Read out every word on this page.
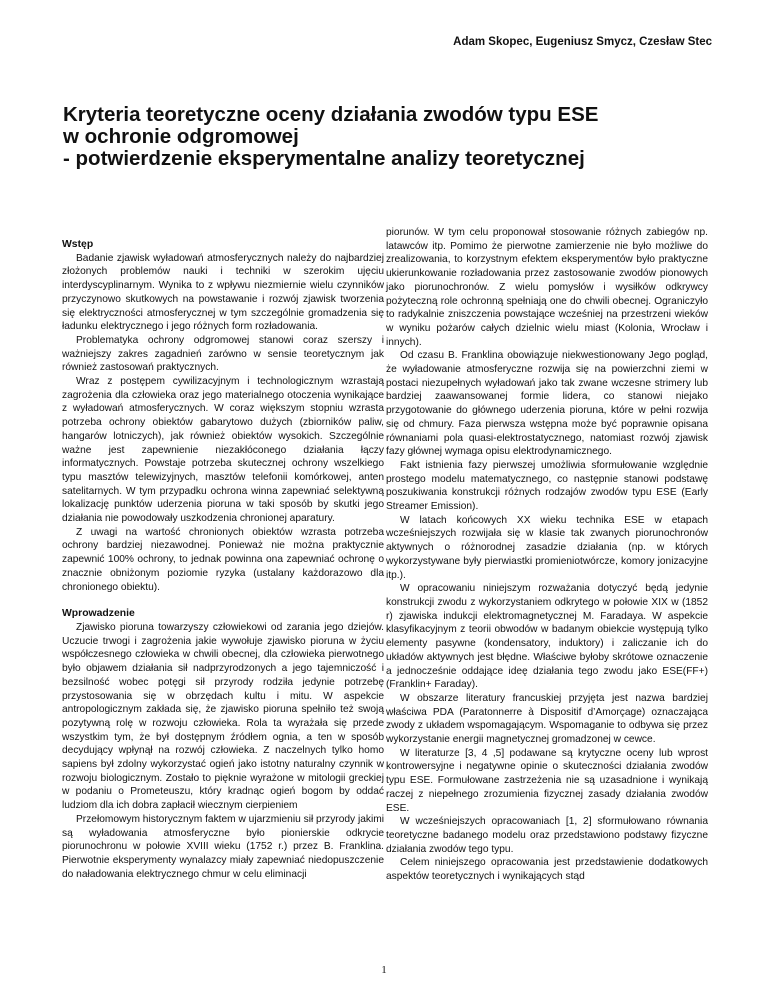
Adam Skopec, Eugeniusz Smycz, Czesław Stec
Kryteria teoretyczne oceny działania zwodów typu ESE
w ochronie odgromowej
- potwierdzenie eksperymentalne analizy teoretycznej
Wstęp

Badanie zjawisk wyładowań atmosferycznych należy do najbardziej złożonych problemów nauki i techniki w szerokim ujęciu interdyscyplinarnym. Wynika to z wpływu niezmiernie wielu czynników przyczynowo skutkowych na powstawanie i rozwój zjawisk tworzenia się elektryczności atmosferycznej w tym szczególnie gromadzenia się ładunku elektrycznego i jego różnych form rozładowania.

Problematyka ochrony odgromowej stanowi coraz szerszy i ważniejszy zakres zagadnień zarówno w sensie teoretycznym jak również zastosowań praktycznych.

Wraz z postępem cywilizacyjnym i technologicznym wzrastają zagrożenia dla człowieka oraz jego materialnego otoczenia wynikające z wyładowań atmosferycznych. W coraz większym stopniu wzrasta potrzeba ochrony obiektów gabarytowo dużych (zbiorników paliw, hangarów lotniczych), jak również obiektów wysokich. Szczególnie ważne jest zapewnienie niezakłóconego działania łączy informatycznych. Powstaje potrzeba skutecznej ochrony wszelkiego typu masztów telewizyjnych, masztów telefonii komórkowej, anten satelitarnych. W tym przypadku ochrona winna zapewniać selektywną lokalizację punktów uderzenia pioruna w taki sposób by skutki jego działania nie powodowały uszkodzenia chronionej aparatury.

Z uwagi na wartość chronionych obiektów wzrasta potrzeba ochrony bardziej niezawodnej. Ponieważ nie można praktycznie zapewnić 100% ochrony, to jednak powinna ona zapewniać ochronę o znacznie obniżonym poziomie ryzyka (ustalany każdorazowo dla chronionego obiektu).

Wprowadzenie

Zjawisko pioruna towarzyszy człowiekowi od zarania jego dziejów. Uczucie trwogi i zagrożenia jakie wywołuje zjawisko pioruna w życiu współczesnego człowieka w chwili obecnej, dla człowieka pierwotnego było objawem działania sił nadprzyrodzonych a jego tajemniczość i bezsilność wobec potęgi sił przyrody rodziła jedynie potrzebę przystosowania się w obrzędach kultu i mitu. W aspekcie antropologicznym zakłada się, że zjawisko pioruna spełniło też swoją pozytywną rolę w rozwoju człowieka. Rola ta wyrażała się przede wszystkim tym, że był dostępnym źródłem ognia, a ten w sposób decydujący wpłynął na rozwój człowieka. Z naczelnych tylko homo sapiens był zdolny wykorzystać ogień jako istotny naturalny czynnik w rozwoju biologicznym. Zostało to pięknie wyrażone w mitologii greckiej w podaniu o Prometeuszu, który kradnąc ogień bogom by oddać ludziom dla ich dobra zapłacił wiecznym cierpieniem

Przełomowym historycznym faktem w ujarzmieniu sił przyrody jakimi są wyładowania atmosferyczne było pionierskie odkrycie piorunochronu w połowie XVIII wieku (1752 r.) przez B. Franklina. Pierwotnie eksperymenty wynalazcy miały zapewniać niedopuszczenie do naładowania elektrycznego chmur w celu eliminacji

piorunów. W tym celu proponował stosowanie różnych zabiegów np. latawców itp. Pomimo że pierwotne zamierzenie nie było możliwe do zrealizowania, to korzystnym efektem eksperymentów było praktyczne ukierunkowanie rozładowania przez zastosowanie zwodów pionowych jako piorunochronów. Z wielu pomysłów i wysiłków odkrywcy pożyteczną role ochronną spełniają one do chwili obecnej. Ograniczyło to radykalnie zniszczenia powstające wcześniej na przestrzeni wieków w wyniku pożarów całych dzielnic wielu miast (Kolonia, Wrocław i innych).

Od czasu B. Franklina obowiązuje niekwestionowany Jego pogląd, że wyładowanie atmosferyczne rozwija się na powierzchni ziemi w postaci niezupełnych wyładowań jako tak zwane wczesne strimery lub bardziej zaawansowanej formie lidera, co stanowi niejako przygotowanie do głównego uderzenia pioruna, które w pełni rozwija się od chmury. Faza pierwsza wstępna może być poprawnie opisana równaniami pola quasi-elektrostatycznego, natomiast rozwój zjawisk fazy głównej wymaga opisu elektrodynamicznego.

Fakt istnienia fazy pierwszej umożliwia sformułowanie względnie prostego modelu matematycznego, co następnie stanowi podstawę poszukiwania konstrukcji różnych rodzajów zwodów typu ESE (Early Streamer Emission).

W latach końcowych XX wieku technika ESE w etapach wcześniejszych rozwijała się w klasie tak zwanych piorunochronów aktywnych o różnorodnej zasadzie działania (np. w których wykorzystywane były pierwiastki promieniotwórcze, komory jonizacyjne itp.).

W opracowaniu niniejszym rozważania dotyczyć będą jedynie konstrukcji zwodu z wykorzystaniem odkrytego w połowie XIX w (1852 r) zjawiska indukcji elektromagnetycznej M. Faradaya. W aspekcie klasyfikacyjnym z teorii obwodów w badanym obiekcie występują tylko elementy pasywne (kondensatory, induktory) i zaliczanie ich do układów aktywnych jest błędne. Właściwe byłoby skrótowe oznaczenie a jednocześnie oddające ideę działania tego zwodu jako ESE(FF+) (Franklin+ Faraday).

W obszarze literatury francuskiej przyjęta jest nazwa bardziej właściwa PDA (Paratonnerre à Dispositif d’Amorçage) oznaczająca zwody z układem wspomagającym. Wspomaganie to odbywa się przez wykorzystanie energii magnetycznej gromadzonej w cewce.

W literaturze [3, 4 ,5] podawane są krytyczne oceny lub wprost kontrowersyjne i negatywne opinie o skuteczności działania zwodów typu ESE. Formułowane zastrzeżenia nie są uzasadnione i wynikają raczej z niepełnego zrozumienia fizycznej zasady działania zwodów ESE.

W wcześniejszych opracowaniach [1, 2] sformułowano równania teoretyczne badanego modelu oraz przedstawiono podstawy fizyczne działania zwodów tego typu.

Celem niniejszego opracowania jest przedstawienie dodatkowych aspektów teoretycznych i wynikających stąd

1
